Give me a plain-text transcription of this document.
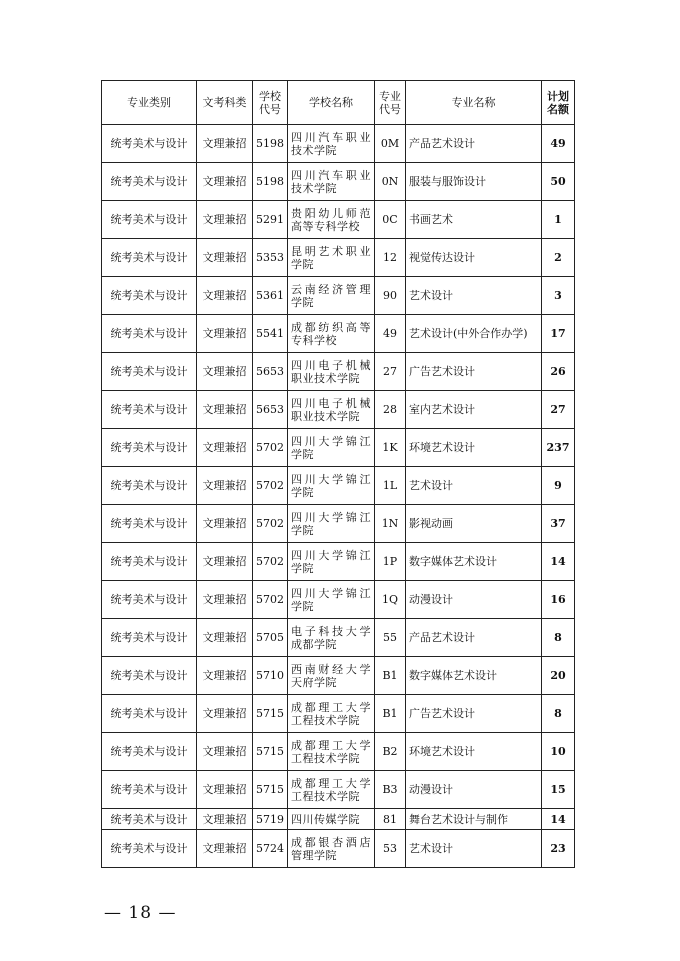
专业类别	文考科类	学校代号	学校名称	专业代号	专业名称	计划名额
统考美术与设计	文理兼招	5198	四川汽车职业技术学院	0M	产品艺术设计	49
统考美术与设计	文理兼招	5198	四川汽车职业技术学院	0N	服装与服饰设计	50
统考美术与设计	文理兼招	5291	贵阳幼儿师范高等专科学校	0C	书画艺术	1
统考美术与设计	文理兼招	5353	昆明艺术职业学院	12	视觉传达设计	2
统考美术与设计	文理兼招	5361	云南经济管理学院	90	艺术设计	3
统考美术与设计	文理兼招	5541	成都纺织高等专科学校	49	艺术设计(中外合作办学)	17
统考美术与设计	文理兼招	5653	四川电子机械职业技术学院	27	广告艺术设计	26
统考美术与设计	文理兼招	5653	四川电子机械职业技术学院	28	室内艺术设计	27
统考美术与设计	文理兼招	5702	四川大学锦江学院	1K	环境艺术设计	237
统考美术与设计	文理兼招	5702	四川大学锦江学院	1L	艺术设计	9
统考美术与设计	文理兼招	5702	四川大学锦江学院	1N	影视动画	37
统考美术与设计	文理兼招	5702	四川大学锦江学院	1P	数字媒体艺术设计	14
统考美术与设计	文理兼招	5702	四川大学锦江学院	1Q	动漫设计	16
统考美术与设计	文理兼招	5705	电子科技大学成都学院	55	产品艺术设计	8
统考美术与设计	文理兼招	5710	西南财经大学天府学院	B1	数字媒体艺术设计	20
统考美术与设计	文理兼招	5715	成都理工大学工程技术学院	B1	广告艺术设计	8
统考美术与设计	文理兼招	5715	成都理工大学工程技术学院	B2	环境艺术设计	10
统考美术与设计	文理兼招	5715	成都理工大学工程技术学院	B3	动漫设计	15
统考美术与设计	文理兼招	5719	四川传媒学院	81	舞台艺术设计与制作	14
统考美术与设计	文理兼招	5724	成都银杏酒店管理学院	53	艺术设计	23
— 18 —
